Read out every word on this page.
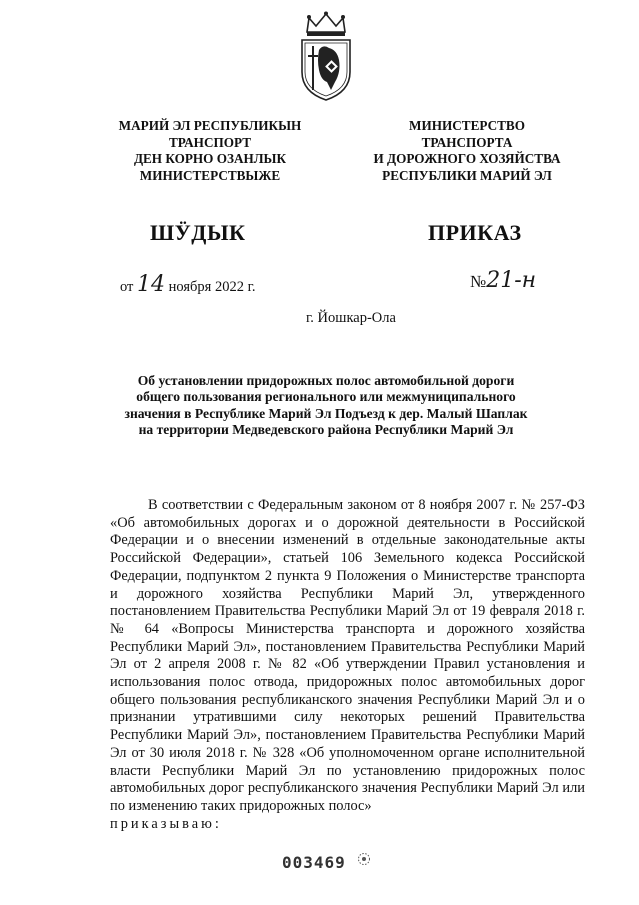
МАРИЙ ЭЛ РЕСПУБЛИКЫН
ТРАНСПОРТ
ДЕН КОРНО ОЗАНЛЫК
МИНИСТЕРСТВЫЖЕ
МИНИСТЕРСТВО
ТРАНСПОРТА
И ДОРОЖНОГО ХОЗЯЙСТВА
РЕСПУБЛИКИ МАРИЙ ЭЛ
ШӰДЫК	ПРИКАЗ
от 14 ноября 2022 г.	№21-н
г. Йошкар-Ола
Об установлении придорожных полос автомобильной дороги
общего пользования регионального или межмуниципального
значения в Республике Марий Эл Подъезд к дер. Малый Шаплак
на территории Медведевского района Республики Марий Эл

В соответствии с Федеральным законом от 8 ноября 2007 г. № 257-ФЗ «Об автомобильных дорогах и о дорожной деятельности в Российской Федерации и о внесении изменений в отдельные законодательные акты Российской Федерации», статьей 106 Земельного кодекса Российской Федерации, подпунктом 2 пункта 9 Положения о Министерстве транспорта и дорожного хозяйства Республики Марий Эл, утвержденного постановлением Правительства Республики Марий Эл от 19 февраля 2018 г. № 64 «Вопросы Министерства транспорта и дорожного хозяйства Республики Марий Эл», постановлением Правительства Республики Марий Эл от 2 апреля 2008 г. № 82 «Об утверждении Правил установления и использования полос отвода, придорожных полос автомобильных дорог общего пользования республиканского значения Республики Марий Эл и о признании утратившими силу некоторых решений Правительства Республики Марий Эл», постановлением Правительства Республики Марий Эл от 30 июля 2018 г. № 328 «Об уполномоченном органе исполнительной власти Республики Марий Эл по установлению придорожных полос автомобильных дорог республиканского значения Республики Марий Эл или по изменению таких придорожных полос»
приказываю:

003469
